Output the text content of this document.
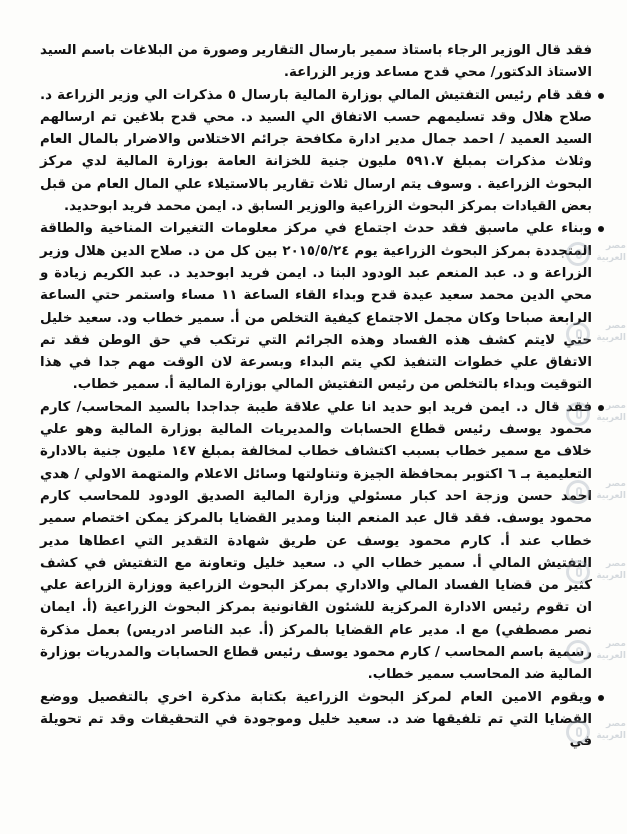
فقد قال الوزير الرجاء باستاذ سمير بارسال التقارير وصورة من البلاغات باسم السيد الاستاذ الدكتور/ محي قدح مساعد وزير الزراعة.

فقد قام رئيس التفتيش المالي بوزارة المالية بارسال ٥ مذكرات الي وزير الزراعة د. صلاح هلال وقد تسليمهم حسب الاتفاق الي السيد د. محي قدح بلاغين تم ارسالهم السيد العميد / احمد جمال مدير ادارة مكافحة جرائم الاختلاس والاضرار بالمال العام وثلاث مذكرات بمبلغ ٥٩١.٧ مليون جنية للخزانة العامة بوزارة المالية لدي مركز البحوث الزراعية . وسوف يتم ارسال ثلاث تقارير بالاستيلاء علي المال العام من قبل بعض القيادات بمركز البحوث الزراعية والوزير السابق د. ايمن محمد فريد ابوحديد.

وبناء علي ماسبق فقد حدث اجتماع في مركز معلومات التغيرات المناخية والطاقة المتجددة بمركز البحوث الزراعية يوم ٢٠١٥/٥/٢٤ بين كل من د. صلاح الدين هلال وزير الزراعة و د. عبد المنعم عبد الودود البنا د. ايمن فريد ابوحديد د. عبد الكريم زيادة و محي الدين محمد سعيد عيدة قدح وبداء القاء الساعة ١١ مساء واستمر حتي الساعة الرابعة صباحا وكان مجمل الاجتماع كيفية التخلص من أ. سمير خطاب ود. سعيد خليل حتي لايتم كشف هذه الفساد وهذه الجرائم التي ترتكب في حق الوطن فقد تم الاتفاق علي خطوات التنفيذ لكي يتم البداء وبسرعة لان الوقت مهم جدا في هذا التوقيت وبداء بالتخلص من رئيس التفتيش المالي بوزارة المالية أ. سمير خطاب.

فقد قال د. ايمن فريد ابو حديد انا علي علاقة طيبة جداجدا بالسيد المحاسب/ كارم محمود يوسف رئيس قطاع الحسابات والمديريات المالية بوزارة المالية وهو علي خلاف مع سمير خطاب بسبب اكتشاف خطاب لمخالفة بمبلغ ١٤٧ مليون جنية بالادارة التعليمية بـ ٦ اكتوبر بمحافظة الجيزة وتناولتها وسائل الاعلام والمتهمة الاولي / هدي احمد حسن وزجة احد كبار مسئولي وزارة المالية الصديق الودود للمحاسب كارم محمود يوسف. فقد قال عبد المنعم البنا ومدير القضايا بالمركز يمكن اختصام سمير خطاب عند أ. كارم محمود يوسف عن طريق شهادة التقدير التي اعطاها مدير التفتيش المالي أ. سمير خطاب الي د. سعيد خليل وتعاونة مع التفتيش في كشف كثير من قضايا الفساد المالي والاداري بمركز البحوث الزراعية ووزارة الزراعة علي ان تقوم رئيس الادارة المركزية للشئون القانونية بمركز البحوث الزراعية (أ. ايمان نصر مصطفي) مع ا. مدير عام القضايا بالمركز (أ. عبد الناصر ادريس) بعمل مذكرة رسمية باسم المحاسب / كارم محمود يوسف رئيس قطاع الحسابات والمدريات بوزارة المالية ضد المحاسب سمير خطاب.

ويقوم الامين العام لمركز البحوث الزراعية بكتابة مذكرة اخري بالتفصيل ووضع القضايا التي تم تلفيقها ضد د. سعيد خليل وموجودة في التحقيقات وقد تم تحويلة في

مصر العربية
مصر العربية
مصر العربية
مصر العربية
مصر العربية
مصر العربية
مصر العربية
